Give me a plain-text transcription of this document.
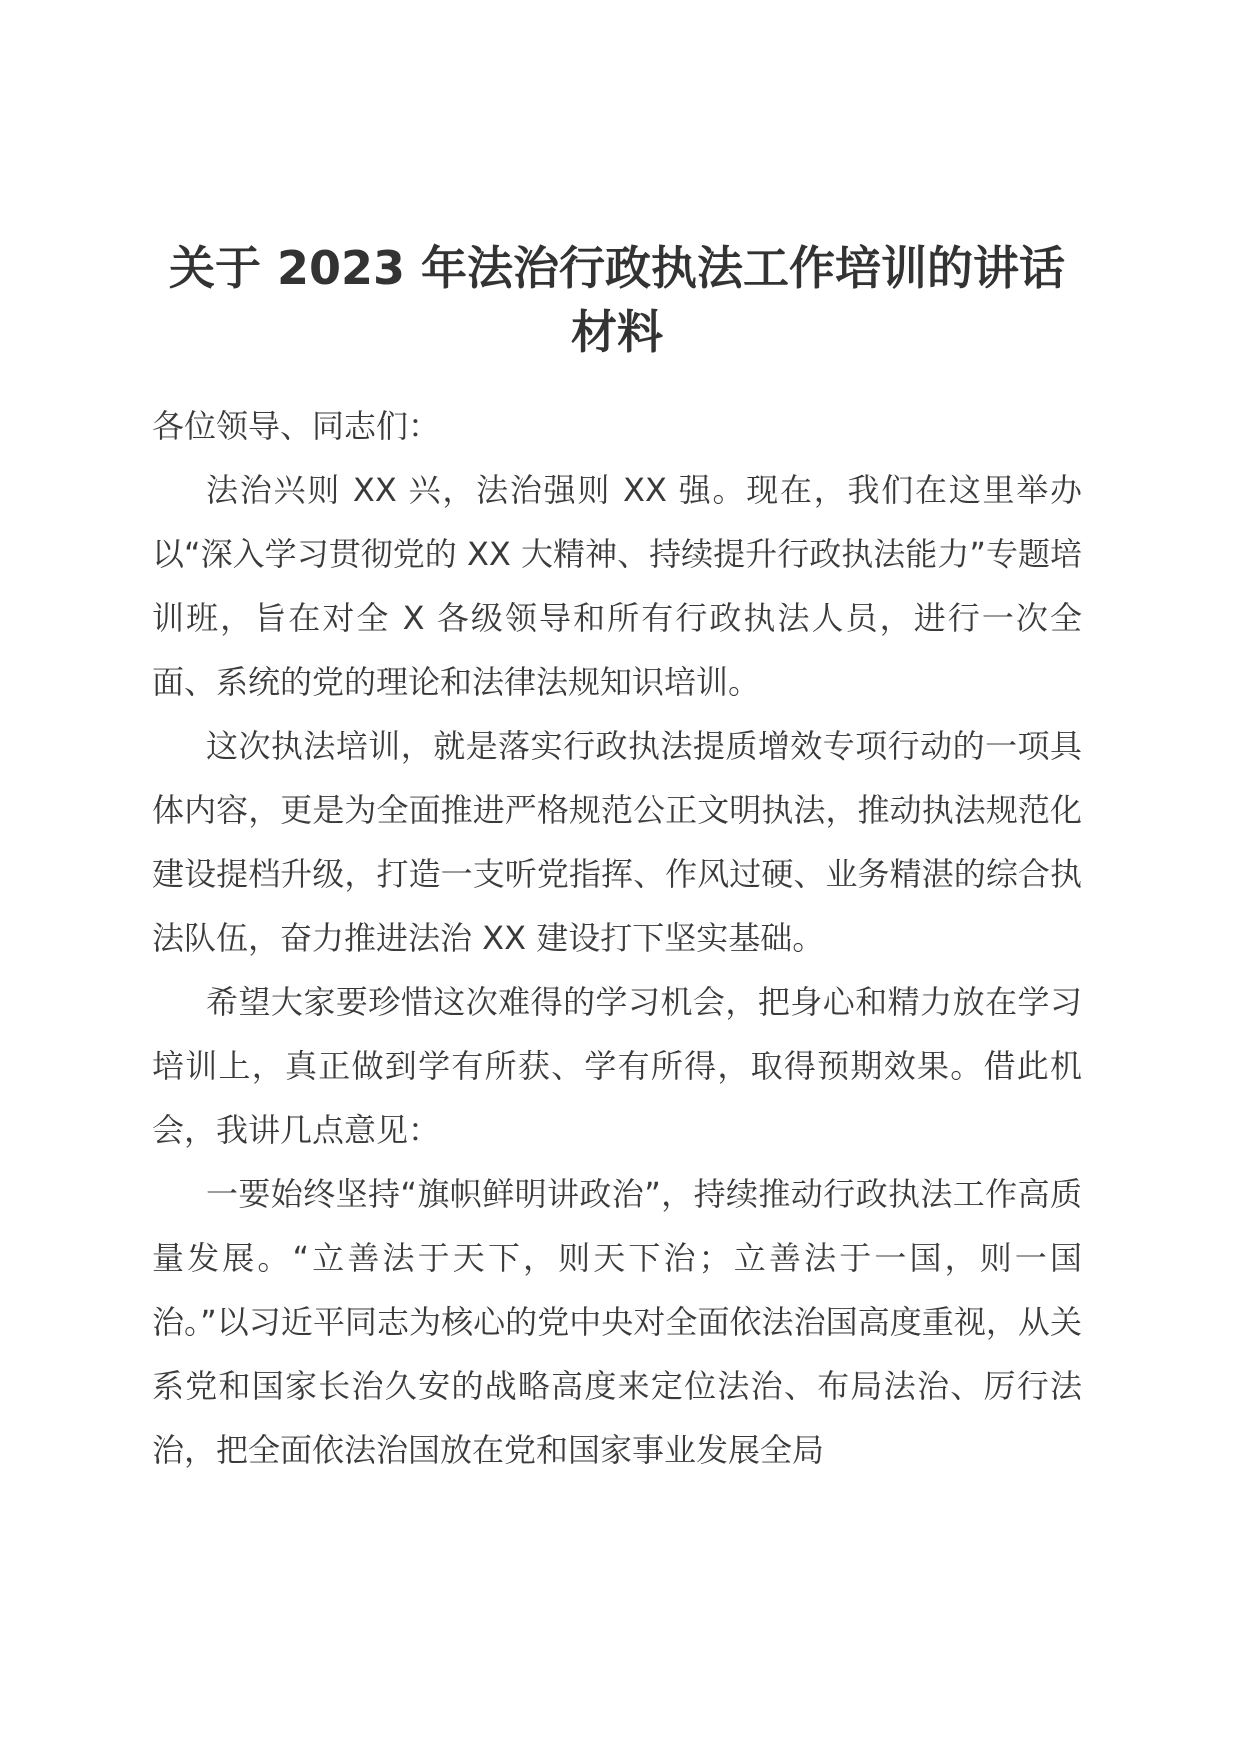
关于 2023 年法治行政执法工作培训的讲话材料

各位领导、同志们：

法治兴则 XX 兴，法治强则 XX 强。现在，我们在这里举办以“深入学习贯彻党的 XX 大精神、持续提升行政执法能力”专题培训班，旨在对全 X 各级领导和所有行政执法人员，进行一次全面、系统的党的理论和法律法规知识培训。

这次执法培训，就是落实行政执法提质增效专项行动的一项具体内容，更是为全面推进严格规范公正文明执法，推动执法规范化建设提档升级，打造一支听党指挥、作风过硬、业务精湛的综合执法队伍，奋力推进法治 XX 建设打下坚实基础。

希望大家要珍惜这次难得的学习机会，把身心和精力放在学习培训上，真正做到学有所获、学有所得，取得预期效果。借此机会，我讲几点意见：

一要始终坚持“旗帜鲜明讲政治”，持续推动行政执法工作高质量发展。“立善法于天下，则天下治；立善法于一国，则一国治。”以习近平同志为核心的党中央对全面依法治国高度重视，从关系党和国家长治久安的战略高度来定位法治、布局法治、厉行法治，把全面依法治国放在党和国家事业发展全局
